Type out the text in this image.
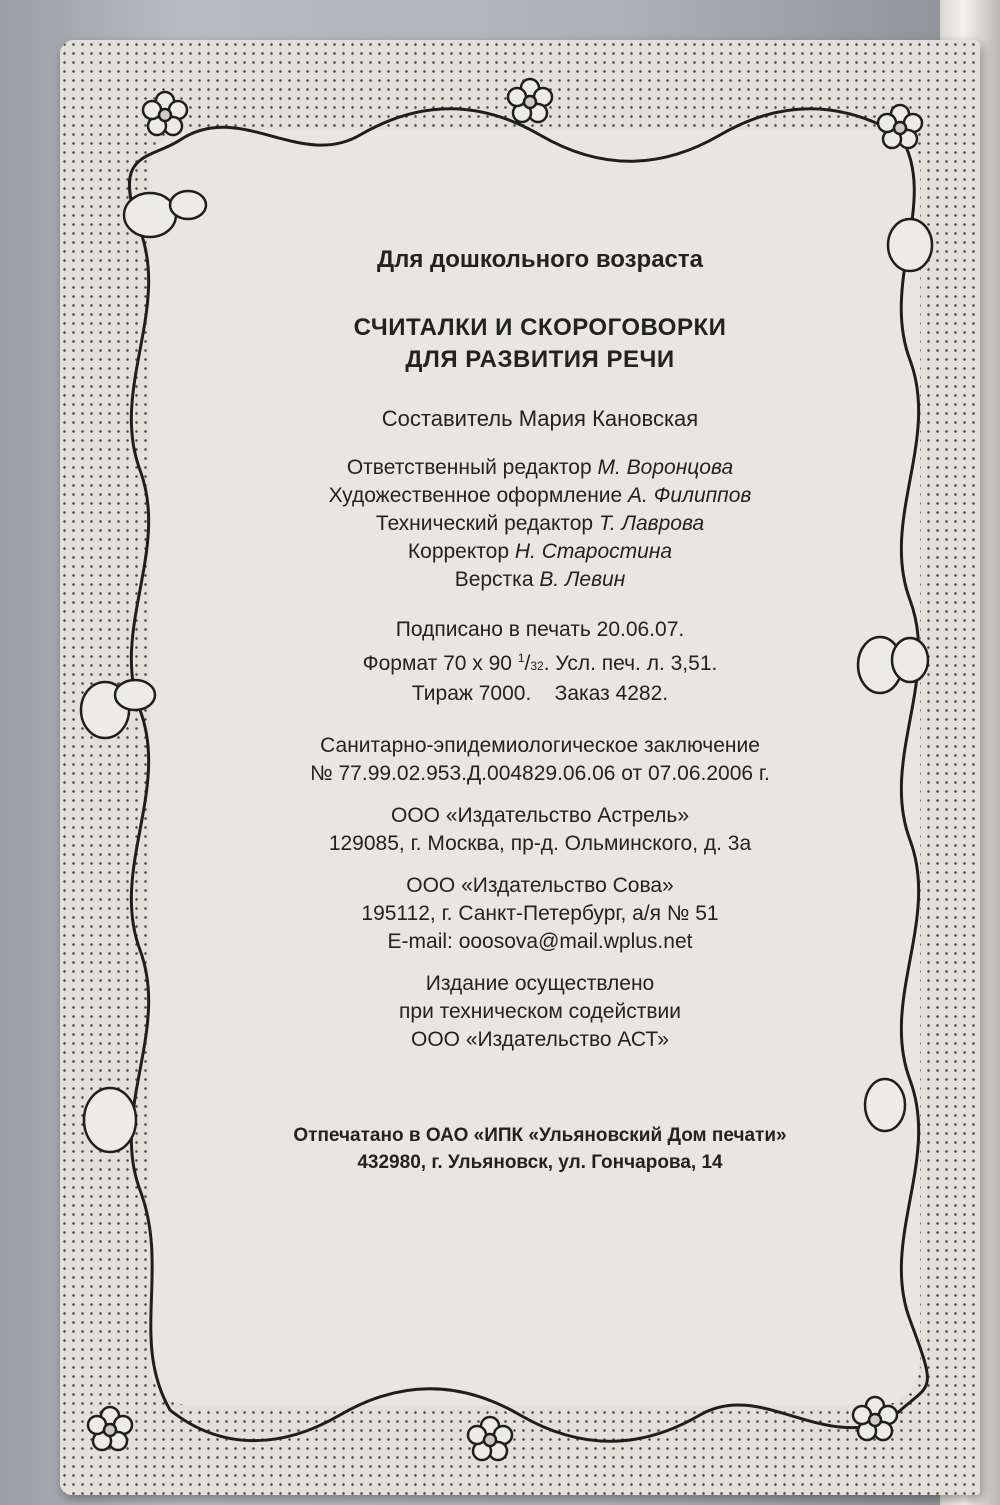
Для дошкольного возраста
СЧИТАЛКИ И СКОРОГОВОРКИ
ДЛЯ РАЗВИТИЯ РЕЧИ
Составитель Мария Кановская
Ответственный редактор М. Воронцова
Художественное оформление А. Филиппов
Технический редактор Т. Лаврова
Корректор Н. Старостина
Верстка В. Левин
Подписано в печать 20.06.07.
Формат 70 x 90 $^1$/32. Усл. печ. л. 3,51.
Тираж 7000.    Заказ 4282.
Санитарно-эпидемиологическое заключение
№ 77.99.02.953.Д.004829.06.06 от 07.06.2006 г.
ООО «Издательство Астрель»
129085, г. Москва, пр-д. Ольминского, д. 3а
ООО «Издательство Сова»
195112, г. Санкт-Петербург, а/я № 51
E-mail: ooosova@mail.wplus.net
Издание осуществлено
при техническом содействии
ООО «Издательство АСТ»
Отпечатано в ОАО «ИПК «Ульяновский Дом печати»
432980, г. Ульяновск, ул. Гончарова, 14
